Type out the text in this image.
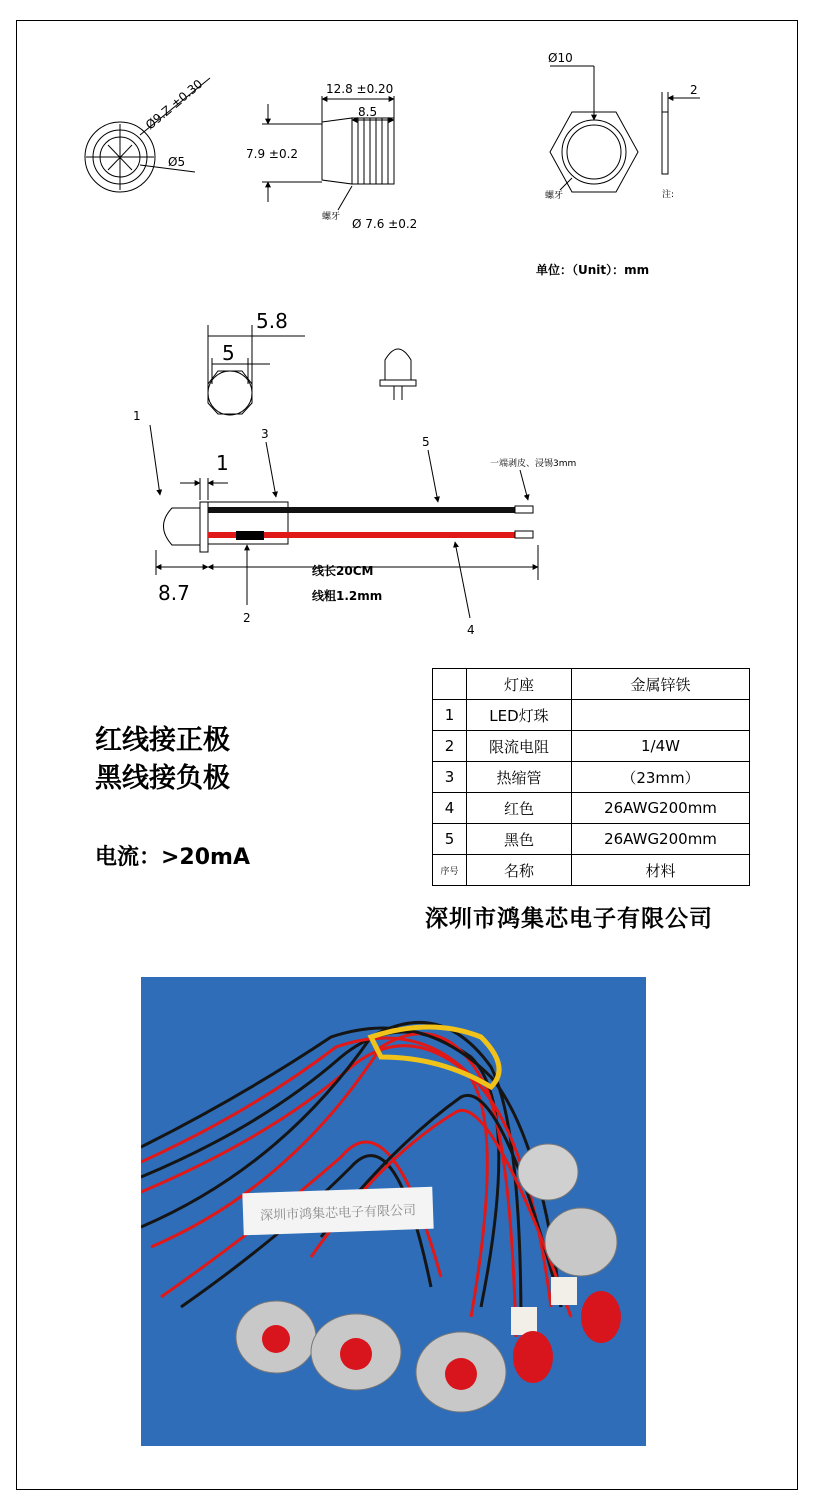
Ø9.Z ±0.30
Ø5
12.8 ±0.20
8.5
7.9 ±0.2
螺牙 Ø 7.6 ±0.2
Ø10
螺牙
2
注:
单位：（Unit）：mm
5.8
5
1
3
5
2
4
1
8.7
一端剥皮、浸锡3mm
线长20CM
线粗1.2mm
红线接正极
黑线接负极
电流：>20mA
	灯座	金属锌铁
1	LED灯珠	
2	限流电阻	1/4W
3	热缩管	（23mm）
4	红色	26AWG200mm
5	黑色	26AWG200mm
序号	名称	材料
深圳市鸿集芯电子有限公司
深圳市鸿集芯电子有限公司
